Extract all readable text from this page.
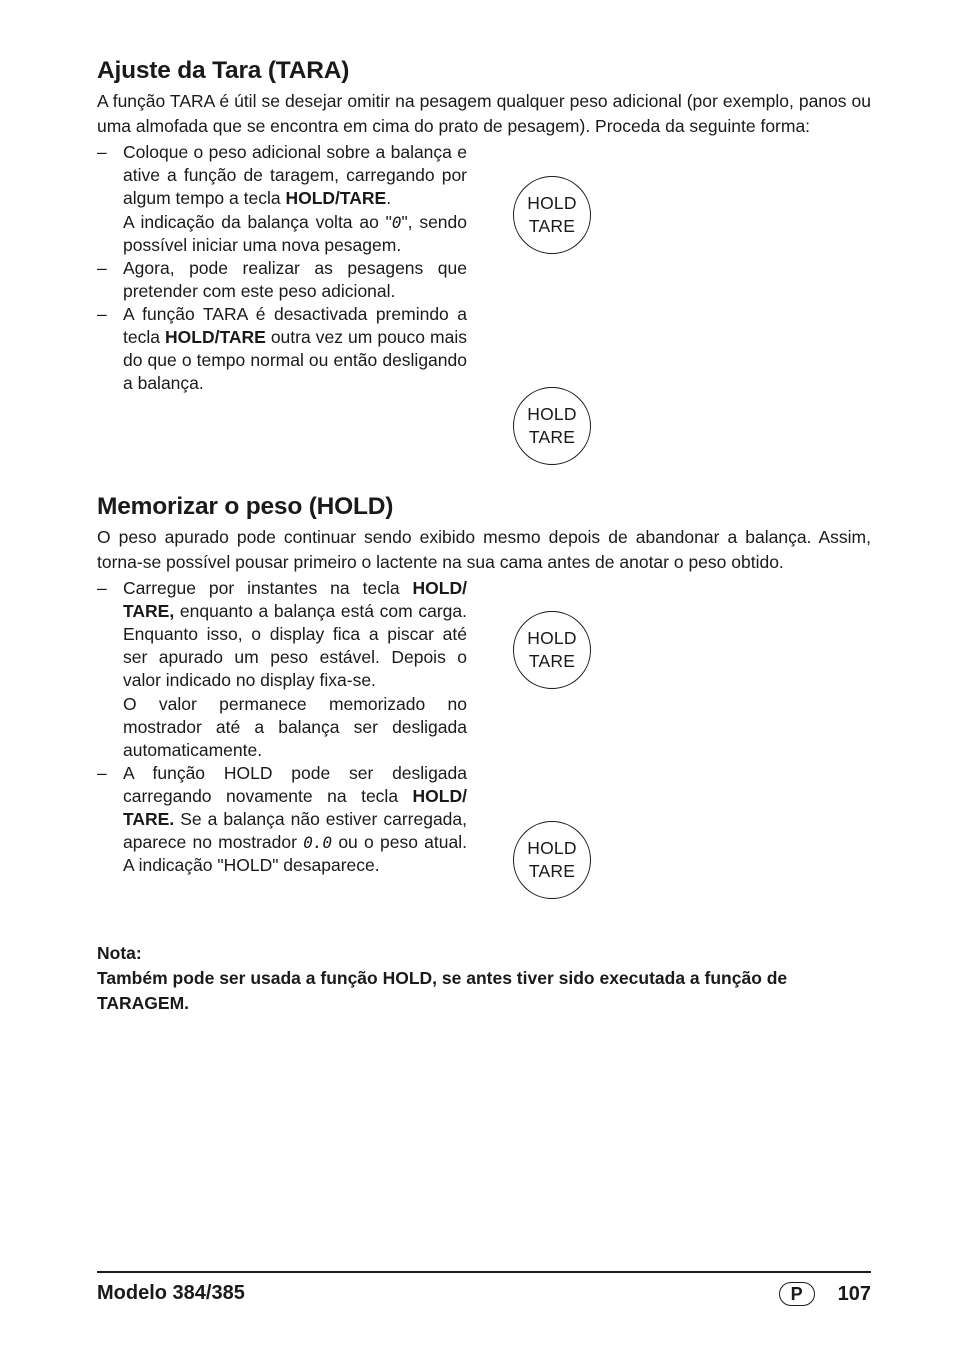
Ajuste da Tara (TARA)

A função TARA é útil se desejar omitir na pesagem qualquer peso adicional (por exemplo, panos ou uma almofada que se encontra em cima do prato de pesagem). Proceda da seguinte forma:

– Coloque o peso adicional sobre a balança e ative a função de taragem, carregando por algum tempo a tecla HOLD/TARE.

A indicação da balança volta ao "0", sendo possível iniciar uma nova pesagem.

– Agora, pode realizar as pesagens que pretender com este peso adicional.

– A função TARA é desactivada premindo a tecla HOLD/TARE outra vez um pouco mais do que o tempo normal ou então desligando a balança.

HOLD
TARE
HOLD
TARE
Memorizar o peso (HOLD)

O peso apurado pode continuar sendo exibido mesmo depois de abandonar a balança. Assim, torna-se possível pousar primeiro o lactente na sua cama antes de anotar o peso obtido.

– Carregue por instantes na tecla HOLD/ TARE, enquanto a balança está com carga. Enquanto isso, o display fica a piscar até ser apurado um peso estável. Depois o valor indicado no display fixa-se.

O valor permanece memorizado no mostrador até a balança ser desligada automaticamente.

– A função HOLD pode ser desligada carregando novamente na tecla HOLD/ TARE. Se a balança não estiver carregada, aparece no mostrador 0.0 ou o peso atual. A indicação "HOLD" desaparece.

HOLD
TARE
HOLD
TARE

Nota:

Também pode ser usada a função HOLD, se antes tiver sido executada a função de TARAGEM.

Modelo 384/385	P	107
